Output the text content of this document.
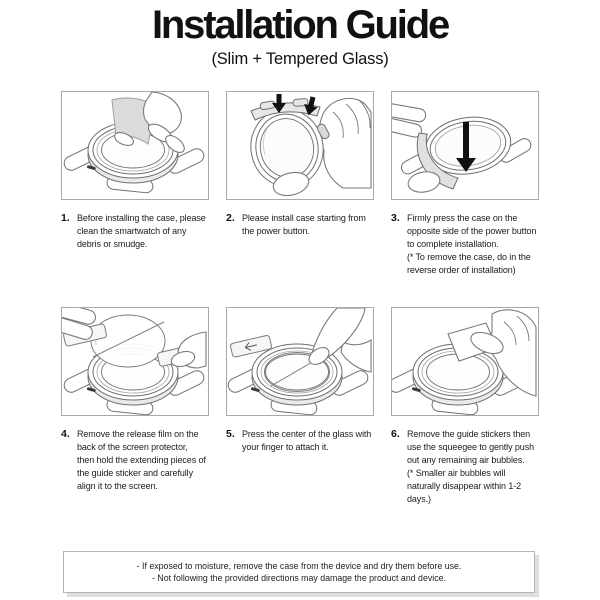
Installation Guide
(Slim + Tempered Glass)
1. Before installing the case, please clean the smartwatch of any debris or smudge.
2. Please install case starting from the power button.
3. Firmly press the case on the opposite side of the power button to complete installation.
(* To remove the case, do in the reverse order of installation)
4. Remove the release film on the back of the screen protector, then hold the extending pieces of the guide sticker and carefully align it to the screen.
5. Press the center of the glass with your finger to attach it.
6. Remove the guide stickers then use the squeegee to gently push out any remaining air bubbles.
(* Smaller air bubbles will naturally disappear within 1-2 days.)
- If exposed to moisture, remove the case from the device and dry them before use.
- Not following the provided directions may damage the product and device.
